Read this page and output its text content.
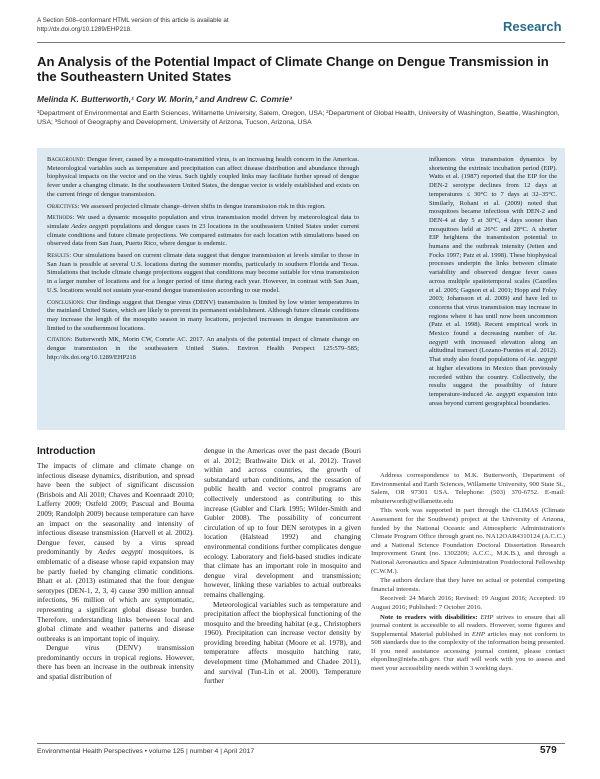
A Section 508–conformant HTML version of this article is available at http://dx.doi.org/10.1289/EHP218.	Research
An Analysis of the Potential Impact of Climate Change on Dengue Transmission in the Southeastern United States
Melinda K. Butterworth,¹ Cory W. Morin,² and Andrew C. Comrie³
¹Department of Environmental and Earth Sciences, Willamette University, Salem, Oregon, USA; ²Department of Global Health, University of Washington, Seattle, Washington, USA; ³School of Geography and Development, University of Arizona, Tucson, Arizona, USA

Background: Dengue fever, caused by a mosquito-transmitted virus, is an increasing health concern in the Americas. Meteorological variables such as temperature and precipitation can affect disease distribution and abundance through biophysical impacts on the vector and on the virus. Such tightly coupled links may facilitate further spread of dengue fever under a changing climate. In the southeastern United States, the dengue vector is widely established and exists on the current fringe of dengue transmission.

Objectives: We assessed projected climate change–driven shifts in dengue transmission risk in this region.

Methods: We used a dynamic mosquito population and virus transmission model driven by meteorological data to simulate Aedes aegypti populations and dengue cases in 23 locations in the southeastern United States under current climate conditions and future climate projections. We compared estimates for each location with simulations based on observed data from San Juan, Puerto Rico, where dengue is endemic.

Results: Our simulations based on current climate data suggest that dengue transmission at levels similar to those in San Juan is possible at several U.S. locations during the summer months, particularly in southern Florida and Texas. Simulations that include climate change projections suggest that conditions may become suitable for virus transmission in a larger number of locations and for a longer period of time during each year. However, in contrast with San Juan, U.S. locations would not sustain year-round dengue transmission according to our model.

Conclusions: Our findings suggest that Dengue virus (DENV) transmission is limited by low winter temperatures in the mainland United States, which are likely to prevent its permanent establishment. Although future climate conditions may increase the length of the mosquito season in many locations, projected increases in dengue transmission are limited to the southernmost locations.

Citation: Butterworth MK, Morin CW, Comrie AC. 2017. An analysis of the potential impact of climate change on dengue transmission in the southeastern United States. Environ Health Perspect 125:579–585; http://dx.doi.org/10.1289/EHP218

influences virus transmission dynamics by shortening the extrinsic incubation period (EIP). Watts et al. (1987) reported that the EIP for the DEN-2 serotype declines from 12 days at temperatures ≤ 30°C to 7 days at 32–35°C. Similarly, Rohani et al. (2009) noted that mosquitoes became infectious with DEN-2 and DEN-4 at day 5 at 30°C, 4 days sooner than mosquitoes held at 26°C and 28°C. A shorter EIP heightens the transmission potential to humans and the outbreak intensity (Jetten and Focks 1997; Patz et al. 1998). These biophysical processes underpin the links between climate variability and observed dengue fever cases across multiple spatiotemporal scales (Cazelles et al. 2005; Gagnon et al. 2001; Hopp and Foley 2003; Johansson et al. 2009) and have led to concerns that virus transmission may increase in regions where it has until now been uncommon (Patz et al. 1998). Recent empirical work in Mexico found a decreasing number of Ae. aegypti with increased elevation along an altitudinal transect (Lozano-Fuentes et al. 2012). That study also found populations of Ae. aegypti at higher elevations in Mexico than previously recorded within the country. Collectively, the results suggest the possibility of future temperature-induced Ae. aegypti expansion into areas beyond current geographical boundaries.
Introduction

The impacts of climate and climate change on infectious disease dynamics, distribution, and spread have been the subject of significant discussion (Brisbois and Ali 2010; Chaves and Koenraadt 2010; Lafferty 2009; Ostfeld 2009; Pascual and Bouma 2009; Randolph 2009) because temperature can have an impact on the seasonality and intensity of infectious disease transmission (Harvell et al. 2002). Dengue fever, caused by a virus spread predominantly by Aedes aegypti mosquitoes, is emblematic of a disease whose rapid expansion may be partly fueled by changing climatic conditions. Bhatt et al. (2013) estimated that the four dengue serotypes (DEN-1, 2, 3, 4) cause 390 million annual infections, 96 million of which are symptomatic, representing a significant global disease burden. Therefore, understanding links between local and global climate and weather patterns and disease outbreaks is an important topic of inquiry.

Dengue virus (DENV) transmission predominantly occurs in tropical regions. However, there has been an increase in the outbreak intensity and spatial distribution of

dengue in the Americas over the past decade (Bouri et al. 2012; Brathwaite Dick et al. 2012). Travel within and across countries, the growth of substandard urban conditions, and the cessation of public health and vector control programs are collectively understood as contributing to this increase (Gubler and Clark 1995; Wilder-Smith and Gubler 2008). The possibility of concurrent circulation of up to four DEN serotypes in a given location (Halstead 1992) and changing environmental conditions further complicates dengue ecology. Laboratory and field-based studies indicate that climate has an important role in mosquito and dengue viral development and transmission; however, linking these variables to actual outbreaks remains challenging.

Meteorological variables such as temperature and precipitation affect the biophysical functioning of the mosquito and the breeding habitat (e.g., Christophers 1960). Precipitation can increase vector density by providing breeding habitat (Moore et al. 1978), and temperature affects mosquito hatching rate, development time (Mohammed and Chadee 2011), and survival (Tun-Lin et al. 2000). Temperature further

Address correspondence to M.K. Butterworth, Department of Environmental and Earth Sciences, Willamette University, 900 State St., Salem, OR 97301 USA. Telephone: (503) 370-6752. E-mail: mbutterworth@willamette.edu

This work was supported in part through the CLIMAS (Climate Assessment for the Southwest) project at the University of Arizona, funded by the National Oceanic and Atmospheric Administration's Climate Program Office through grant no. NA12OAR4310124 (A.C.C.) and a National Science Foundation Doctoral Dissertation Research Improvement Grant (no. 1302209; A.C.C., M.K.B.), and through a National Aeronautics and Space Administration Postdoctoral Fellowship (C.W.M.).

The authors declare that they have no actual or potential competing financial interests.

Received: 24 March 2016; Revised: 19 August 2016; Accepted: 19 August 2016; Published: 7 October 2016.

Note to readers with disabilities: EHP strives to ensure that all journal content is accessible to all readers. However, some figures and Supplemental Material published in EHP articles may not conform to 508 standards due to the complexity of the information being presented. If you need assistance accessing journal content, please contact ehponline@niehs.nih.gov. Our staff will work with you to assess and meet your accessibility needs within 3 working days.

Environmental Health Perspectives • volume 125 | number 4 | April 2017	579
